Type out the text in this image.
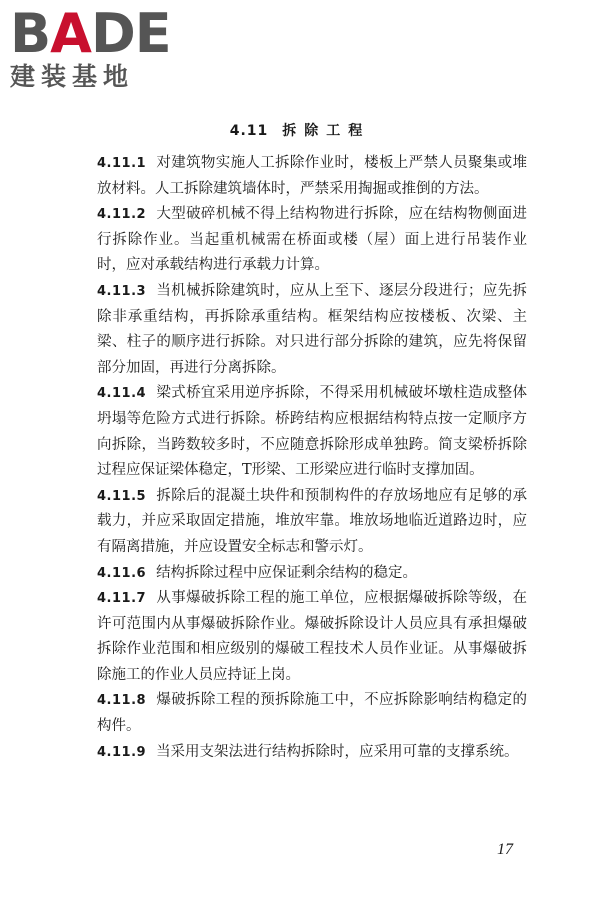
BADE
建装基地
4.11 拆除工程

4.11.1 对建筑物实施人工拆除作业时，楼板上严禁人员聚集或堆放材料。人工拆除建筑墙体时，严禁采用掏掘或推倒的方法。

4.11.2 大型破碎机械不得上结构物进行拆除，应在结构物侧面进行拆除作业。当起重机械需在桥面或楼（屋）面上进行吊装作业时，应对承载结构进行承载力计算。

4.11.3 当机械拆除建筑时，应从上至下、逐层分段进行；应先拆除非承重结构，再拆除承重结构。框架结构应按楼板、次梁、主梁、柱子的顺序进行拆除。对只进行部分拆除的建筑，应先将保留部分加固，再进行分离拆除。

4.11.4 梁式桥宜采用逆序拆除，不得采用机械破坏墩柱造成整体坍塌等危险方式进行拆除。桥跨结构应根据结构特点按一定顺序方向拆除，当跨数较多时，不应随意拆除形成单独跨。简支梁桥拆除过程应保证梁体稳定，T形梁、工形梁应进行临时支撑加固。

4.11.5 拆除后的混凝土块件和预制构件的存放场地应有足够的承载力，并应采取固定措施，堆放牢靠。堆放场地临近道路边时，应有隔离措施，并应设置安全标志和警示灯。

4.11.6 结构拆除过程中应保证剩余结构的稳定。

4.11.7 从事爆破拆除工程的施工单位，应根据爆破拆除等级，在许可范围内从事爆破拆除作业。爆破拆除设计人员应具有承担爆破拆除作业范围和相应级别的爆破工程技术人员作业证。从事爆破拆除施工的作业人员应持证上岗。

4.11.8 爆破拆除工程的预拆除施工中，不应拆除影响结构稳定的构件。

4.11.9 当采用支架法进行结构拆除时，应采用可靠的支撑系统。

17
